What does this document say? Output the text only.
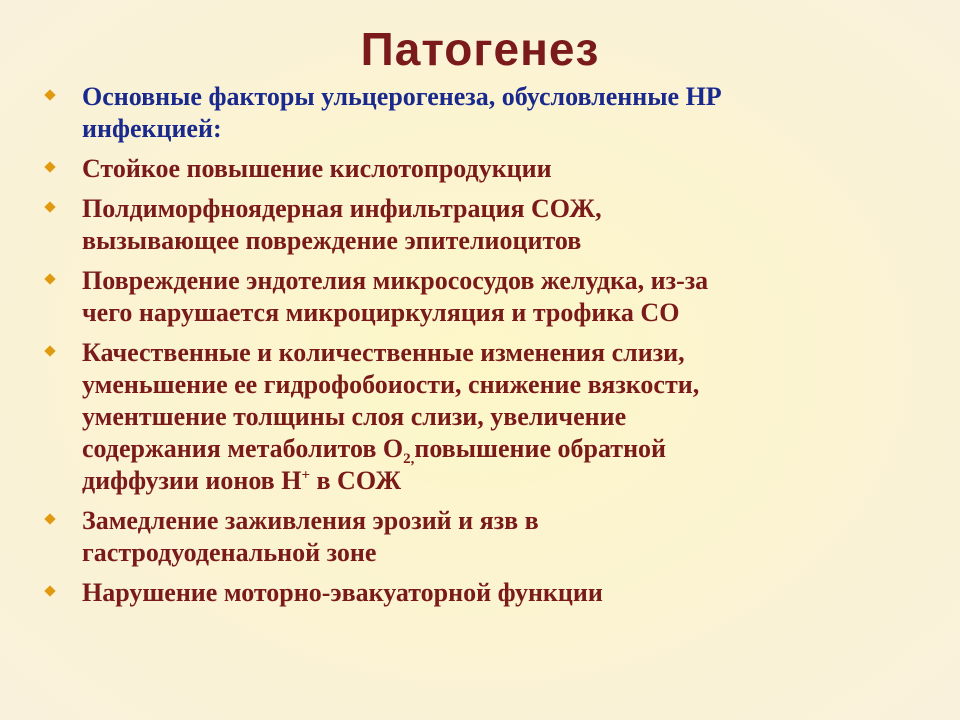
Патогенез
Основные факторы ульцерогенеза, обусловленные НР
инфекцией:
Стойкое повышение кислотопродукции
Полдиморфноядерная инфильтрация СОЖ,
вызывающее повреждение эпителиоцитов
Повреждение эндотелия микрососудов желудка, из-за
чего нарушается микроциркуляция и трофика СО
Качественные и количественные изменения слизи,
уменьшение ее гидрофобоиости, снижение вязкости,
ументшение толщины слоя слизи, увеличение
содержания метаболитов $О_{2,}повышение$ обратной
диффузии ионов Н+ в СОЖ
Замедление заживления эрозий и язв в
гастродуоденальной зоне
Нарушение моторно-эвакуаторной функции
